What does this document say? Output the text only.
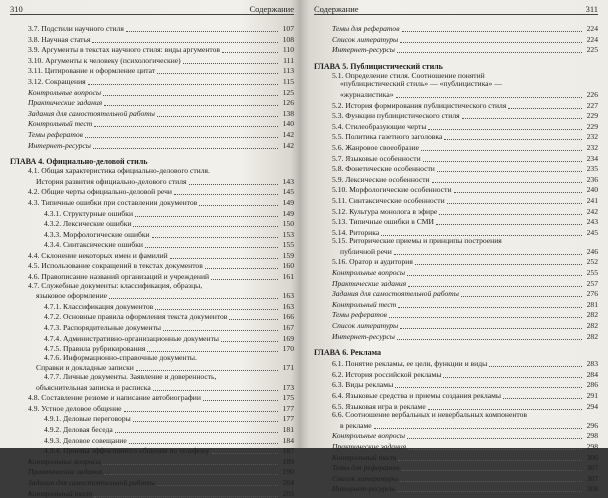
310	Содержание
3.7. Подстили научного стиля	107
3.8. Научная статья	108
3.9. Аргументы в текстах научного стиля: виды аргументов	110
3.10. Аргументы к человеку (психологические)	111
3.11. Цитирование и оформление цитат	113
3.12. Сокращения	115
Контрольные вопросы	125
Практические задания	126
Задания для самостоятельной работы	138
Контрольный тест	140
Темы рефератов	142
Интернет-ресурсы	142
ГЛАВА 4. Официально-деловой стиль
4.1. Общая характеристика официально-делового стиля.
История развития официально-делового стиля	143
4.2. Общие черты официально-деловой речи	145
4.3. Типичные ошибки при составлении документов	149
4.3.1. Структурные ошибки	149
4.3.2. Лексические ошибки	150
4.3.3. Морфологические ошибки	153
4.3.4. Синтаксические ошибки	155
4.4. Склонение некоторых имен и фамилий	159
4.5. Использование сокращений в текстах документов	160
4.6. Правописание названий организаций и учреждений	161
4.7. Служебные документы: классификация, образцы,
языковое оформление	163
4.7.1. Классификация документов	163
4.7.2. Основные правила оформления текста документов	166
4.7.3. Распорядительные документы	167
4.7.4. Административно-организационные документы	169
4.7.5. Правила рубрикирования	170
4.7.6. Информационно-справочные документы.
Справки и докладные записки	171
4.7.7. Личные документы. Заявление и доверенность,
объяснительная записка и расписка	173
4.8. Составление резюме и написание автобиографии	175
4.9. Устное деловое общение	177
4.9.1. Деловые переговоры	177
4.9.2. Деловая беседа	181
4.9.3. Деловое совещание	184
4.9.4. Приемы эффективного общения по телефону	187
Контрольные вопросы	189
Практические задания	190
Задания для самостоятельной работы	204
Контрольный тест	205
Содержание	311
Темы для рефератов	224
Список литературы	224
Интернет-ресурсы	225
ГЛАВА 5. Публицистический стиль
5.1. Определение стиля. Соотношение понятий
«публицистический стиль» — «публицистика» —
«журналистика»	226
5.2. История формирования публицистического стиля	227
5.3. Функции публицистического стиля	229
5.4. Стилеобразующие черты	229
5.5. Политика газетного заголовка	232
5.6. Жанровое своеобразие	232
5.7. Языковые особенности	234
5.8. Фонетические особенности	235
5.9. Лексические особенности	236
5.10. Морфологические особенности	240
5.11. Синтаксические особенности	241
5.12. Культура монолога в эфире	242
5.13. Типичные ошибки в СМИ	243
5.14. Риторика	245
5.15. Риторические приемы и принципы построения
публичной речи	246
5.16. Оратор и аудитория	252
Контрольные вопросы	255
Практические задания	257
Задания для самостоятельной работы	276
Контрольный тест	281
Темы рефератов	282
Список литературы	282
Интернет-ресурсы	282
ГЛАВА 6. Реклама
6.1. Понятие рекламы, ее цели, функции и виды	283
6.2. История российской рекламы	284
6.3. Виды рекламы	286
6.4. Языковые средства и приемы создания рекламы	291
6.5. Языковая игра в рекламе	294
6.6. Соотношение вербальных и невербальных компонентов
в рекламе	296
Контрольные вопросы	298
Практические задания	298
Контрольный тест	306
Темы для рефератов	307
Список литературы	307
Интернет-ресурсы	308
